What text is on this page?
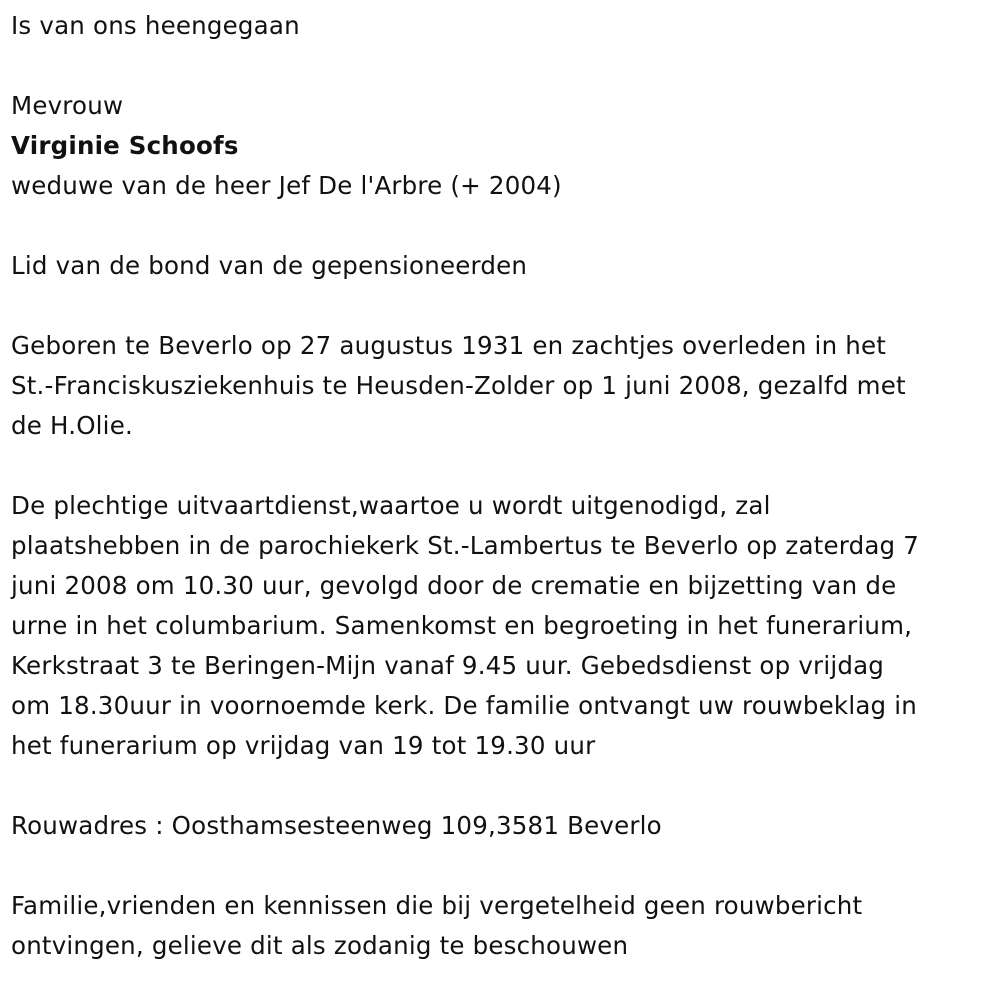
Is van ons heengegaan

Mevrouw

Virginie Schoofs

weduwe van de heer Jef De l'Arbre (+ 2004)

Lid van de bond van de gepensioneerden

Geboren te Beverlo op 27 augustus 1931 en zachtjes overleden in het

St.-Franciskusziekenhuis te Heusden-Zolder op 1 juni 2008, gezalfd met

de H.Olie.

De plechtige uitvaartdienst,waartoe u wordt uitgenodigd, zal

plaatshebben in de parochiekerk St.-Lambertus te Beverlo op zaterdag 7

juni 2008 om 10.30 uur, gevolgd door de crematie en bijzetting van de

urne in het columbarium. Samenkomst en begroeting in het funerarium,

Kerkstraat 3 te Beringen-Mijn vanaf 9.45 uur. Gebedsdienst op vrijdag

om 18.30uur in voornoemde kerk. De familie ontvangt uw rouwbeklag in

het funerarium op vrijdag van 19 tot 19.30 uur

Rouwadres : Oosthamsesteenweg 109,3581 Beverlo

Familie,vrienden en kennissen die bij vergetelheid geen rouwbericht

ontvingen, gelieve dit als zodanig te beschouwen
